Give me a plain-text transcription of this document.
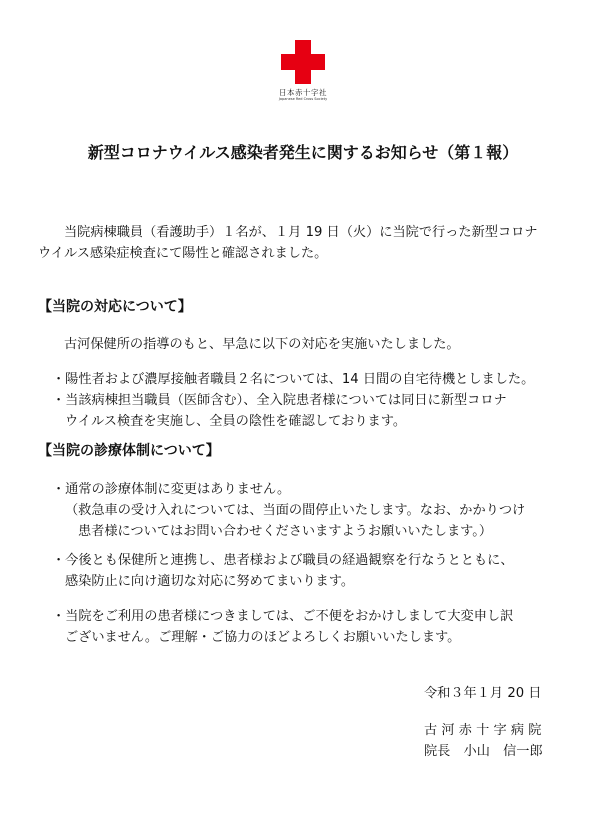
日本赤十字社
Japanese Red Cross Society
新型コロナウイルス感染者発生に関するお知らせ（第１報）
当院病棟職員（看護助手）１名が、１月 19 日（火）に当院で行った新型コロナ
ウイルス感染症検査にて陽性と確認されました。
【当院の対応について】
古河保健所の指導のもと、早急に以下の対応を実施いたしました。
・陽性者および濃厚接触者職員２名については、14 日間の自宅待機としました。
・当該病棟担当職員（医師含む）、全入院患者様については同日に新型コロナ
ウイルス検査を実施し、全員の陰性を確認しております。
【当院の診療体制について】
・通常の診療体制に変更はありません。
（救急車の受け入れについては、当面の間停止いたします。なお、かかりつけ
患者様についてはお問い合わせくださいますようお願いいたします。）
・今後とも保健所と連携し、患者様および職員の経過観察を行なうとともに、
感染防止に向け適切な対応に努めてまいります。
・当院をご利用の患者様につきましては、ご不便をおかけしまして大変申し訳
ございません。ご理解・ご協力のほどよろしくお願いいたします。
令和３年１月 20 日
古 河 赤 十 字 病 院
院長　小山　信一郎
